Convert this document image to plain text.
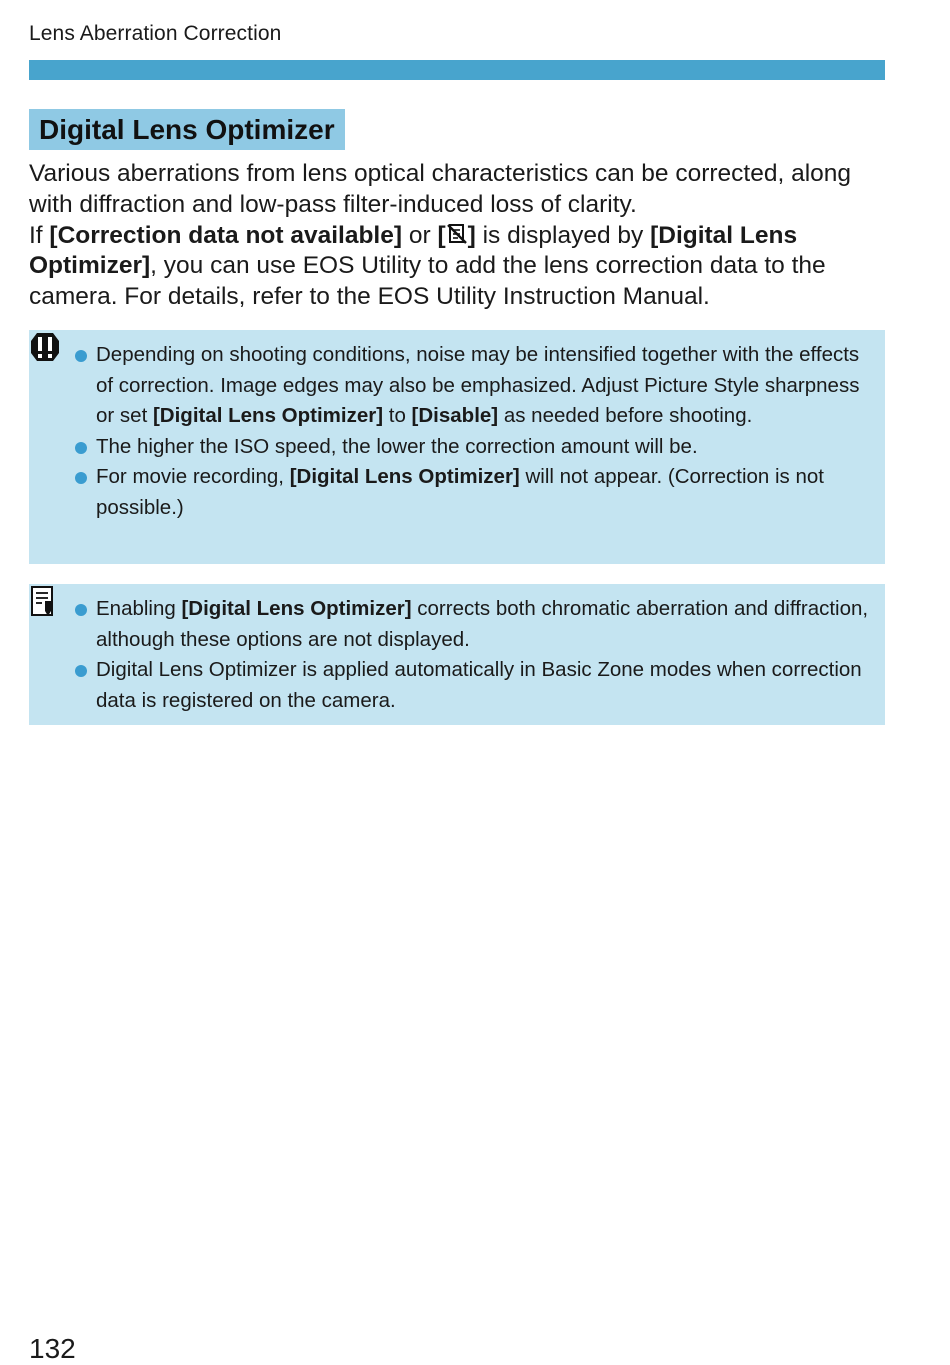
Lens Aberration Correction
Digital Lens Optimizer

Various aberrations from lens optical characteristics can be corrected, along with diffraction and low-pass filter-induced loss of clarity.

If [Correction data not available] or [ ] is displayed by [Digital Lens Optimizer], you can use EOS Utility to add the lens correction data to the camera. For details, refer to the EOS Utility Instruction Manual.

Depending on shooting conditions, noise may be intensified together with the effects of correction. Image edges may also be emphasized. Adjust Picture Style sharpness or set [Digital Lens Optimizer] to [Disable] as needed before shooting.
The higher the ISO speed, the lower the correction amount will be.
For movie recording, [Digital Lens Optimizer] will not appear. (Correction is not possible.)
Enabling [Digital Lens Optimizer] corrects both chromatic aberration and diffraction, although these options are not displayed.
Digital Lens Optimizer is applied automatically in Basic Zone modes when correction data is registered on the camera.
132
